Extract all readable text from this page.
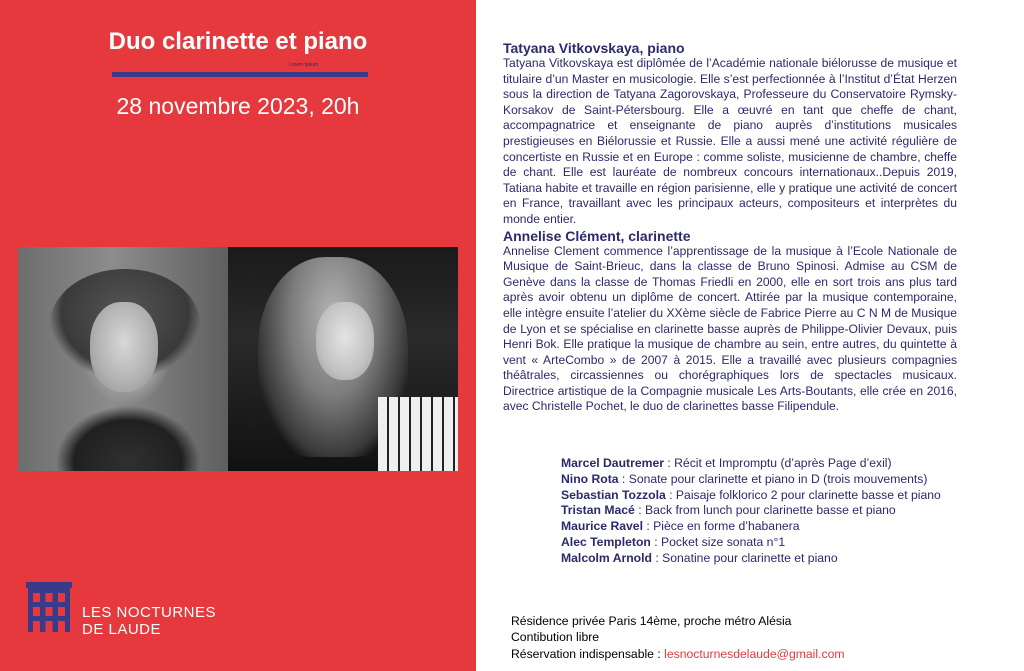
Duo clarinette et piano
Lorem Ipsum
28 novembre 2023, 20h
LES NOCTURNES
DE LAUDE
Tatyana Vitkovskaya, piano

Tatyana Vitkovskaya est diplômée de l’Académie nationale biélorusse de musique et titulaire d’un Master en musicologie. Elle s’est perfectionnée à l’Institut d’État Herzen sous la direction de Tatyana Zagorovskaya, Professeure du Conservatoire Rymsky-Korsakov de Saint-Pétersbourg. Elle a œuvré en tant que cheffe de chant, accompagnatrice et enseignante de piano auprès d’institutions musicales prestigieuses en Biélorussie et Russie. Elle a aussi mené une activité régulière de concertiste en Russie et en Europe : comme soliste, musicienne de chambre, cheffe de chant. Elle est lauréate de nombreux concours internationaux..Depuis 2019, Tatiana habite et travaille en région parisienne, elle y pratique une activité de concert en France, travaillant avec les principaux acteurs, compositeurs et interprètes du monde entier.

Annelise Clément, clarinette

Annelise Clement commence l’apprentissage de la musique à l’Ecole Nationale de Musique de Saint-Brieuc, dans la classe de Bruno Spinosi. Admise au CSM de Genève dans la classe de Thomas Friedli en 2000, elle en sort trois ans plus tard après avoir obtenu un diplôme de concert. Attirée par la musique contemporaine, elle intègre ensuite l’atelier du XXème siècle de Fabrice Pierre au C N M de Musique de Lyon et se spécialise en clarinette basse auprès de Philippe-Olivier Devaux, puis Henri Bok. Elle pratique la musique de chambre au sein, entre autres, du quintette à vent « ArteCombo » de 2007 à 2015. Elle a travaillé avec plusieurs compagnies théâtrales, circassiennes ou chorégraphiques lors de spectacles musicaux. Directrice artistique de la Compagnie musicale Les Arts-Boutants, elle crée en 2016, avec Christelle Pochet, le duo de clarinettes basse Filipendule.

Marcel Dautremer : Récit et Impromptu (d’après Page d’exil)
Nino Rota : Sonate pour clarinette et piano in D (trois mouvements)
Sebastian Tozzola : Paisaje folklorico 2 pour clarinette basse et piano
Tristan Macé : Back from lunch pour clarinette basse et piano
Maurice Ravel : Pièce en forme d’habanera
Alec Templeton : Pocket size sonata n°1
Malcolm Arnold : Sonatine pour clarinette et piano
Résidence privée Paris 14ème, proche métro Alésia
Contibution libre
Réservation indispensable : lesnocturnesdelaude@gmail.com
